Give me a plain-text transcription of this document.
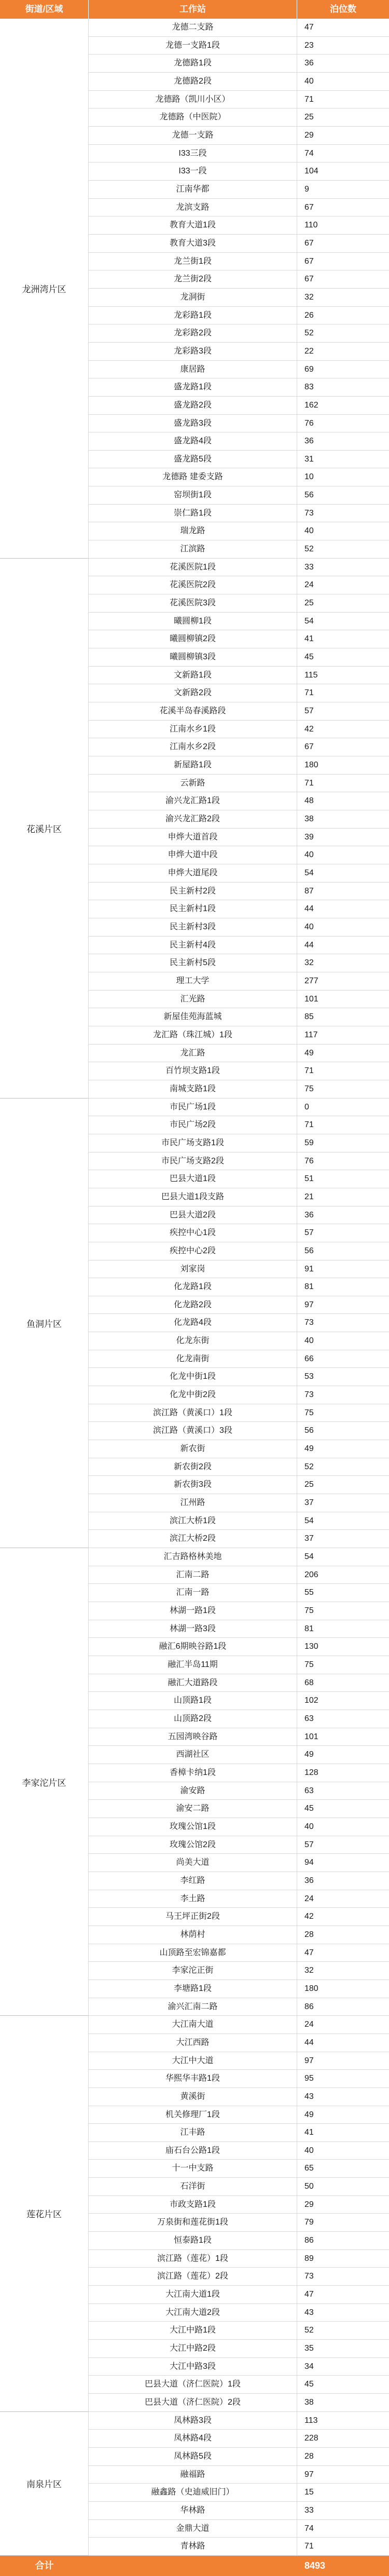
街道/区域	工作站	泊位数
龙洲湾片区
龙德二支路	47
龙德一支路1段	23
龙德路1段	36
龙德路2段	40
龙德路（凯川小区）	71
龙德路（中医院）	25
龙德一支路	29
I33三段	74
I33一段	104
江南华都	9
龙滨支路	67
教育大道1段	110
教育大道3段	67
龙兰街1段	67
龙兰街2段	67
龙洞街	32
龙彩路1段	26
龙彩路2段	52
龙彩路3段	22
康居路	69
盛龙路1段	83
盛龙路2段	162
盛龙路3段	76
盛龙路4段	36
盛龙路5段	31
龙德路 建委支路	10
窑坝街1段	56
崇仁路1段	73
瑞龙路	40
江滨路	52
花溪片区
花溪医院1段	33
花溪医院2段	24
花溪医院3段	25
曦圆柳1段	54
曦圆柳镇2段	41
曦圆柳镇3段	45
文新路1段	115
文新路2段	71
花溪半岛春溪路段	57
江南水乡1段	42
江南水乡2段	67
新屋路1段	180
云新路	71
渝兴龙汇路1段	48
渝兴龙汇路2段	38
申烨大道首段	39
申烨大道中段	40
申烨大道尾段	54
民主新村2段	87
民主新村1段	44
民主新村3段	40
民主新村4段	44
民主新村5段	32
理工大学	277
汇光路	101
新屋佳苑海蓝城	85
龙汇路（珠江城）1段	117
龙汇路	49
百竹坝支路1段	71
南城支路1段	75
鱼洞片区
市民广场1段	0
市民广场2段	71
市民广场支路1段	59
市民广场支路2段	76
巴县大道1段	51
巴县大道1段支路	21
巴县大道2段	36
疾控中心1段	57
疾控中心2段	56
刘家岗	91
化龙路1段	81
化龙路2段	97
化龙路4段	73
化龙东街	40
化龙南街	66
化龙中街1段	53
化龙中街2段	73
滨江路（黄溪口）1段	75
滨江路（黄溪口）3段	56
新农街	49
新农街2段	52
新农街3段	25
江州路	37
滨江大桥1段	54
滨江大桥2段	37
李家沱片区
汇吉路格林美地	54
汇南二路	206
汇南一路	55
林湖一路1段	75
林湖一路3段	81
融汇6期映谷路1段	130
融汇半岛11期	75
融汇大道路段	68
山顶路1段	102
山顶路2段	63
五园湾映谷路	101
西湖社区	49
香樟卡纳1段	128
渝安路	63
渝安二路	45
玫瑰公馆1段	40
玫瑰公馆2段	57
尚美大道	94
李红路	36
李土路	24
马王坪正街2段	42
林荫村	28
山顶路至宏锦嘉都	47
李家沱正街	32
李塘路1段	180
渝兴汇南二路	86
莲花片区
大江南大道	24
大江西路	44
大江中大道	97
华熙华丰路1段	95
黄溪街	43
机关修理厂1段	49
江丰路	41
庙石台公路1段	40
十一中支路	65
石洋街	50
市政支路1段	29
万泉街和莲花街1段	79
恒泰路1段	86
滨江路（莲花）1段	89
滨江路（莲花）2段	73
大江南大道1段	47
大江南大道2段	43
大江中路1段	52
大江中路2段	35
大江中路3段	34
巴县大道（济仁医院）1段	45
巴县大道（济仁医院）2段	38
南泉片区
凤林路3段	113
凤林路4段	228
凤林路5段	28
融福路	97
融鑫路（史迪威旧门）	15
华林路	33
金鼎大道	74
青林路	71
合计	8493
